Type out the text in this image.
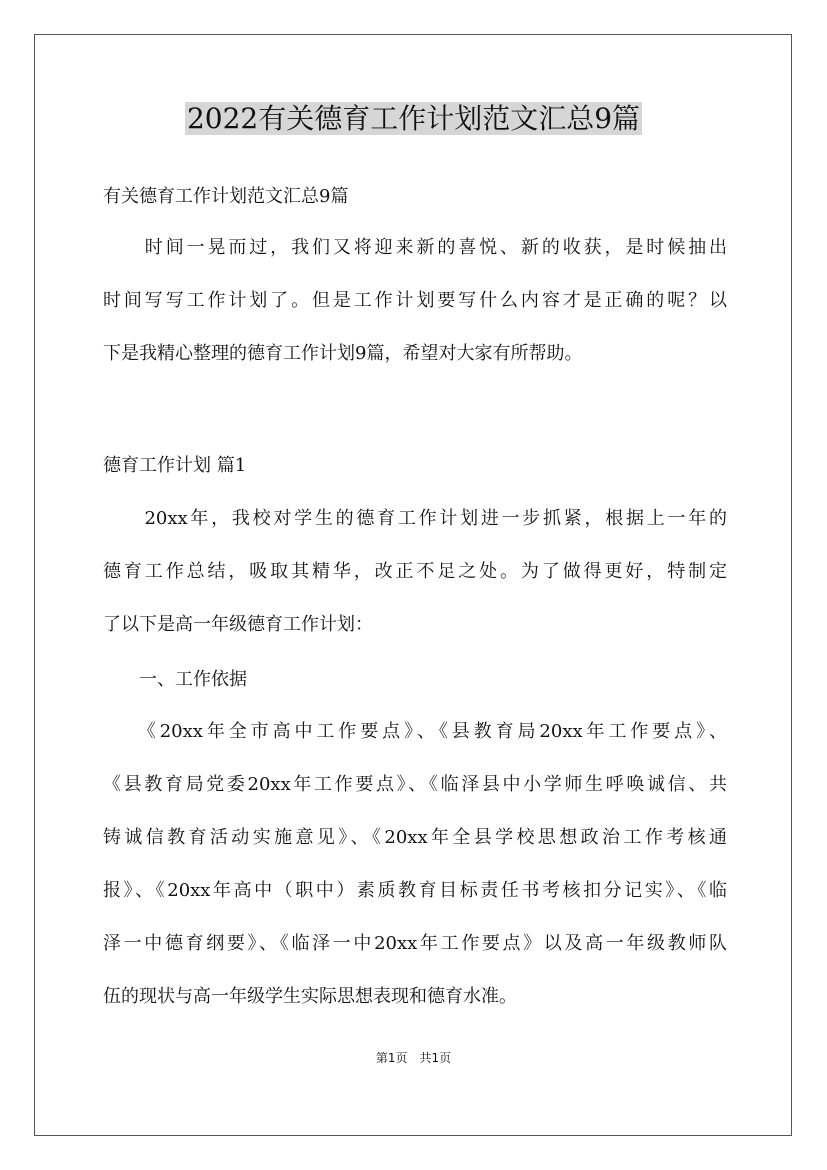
2022有关德育工作计划范文汇总9篇

有关德育工作计划范文汇总9篇

　　时间一晃而过，我们又将迎来新的喜悦、新的收获，是时候抽出
时间写写工作计划了。但是工作计划要写什么内容才是正确的呢？以
下是我精心整理的德育工作计划9篇，希望对大家有所帮助。

德育工作计划 篇1

　　20xx年，我校对学生的德育工作计划进一步抓紧，根据上一年的
德育工作总结，吸取其精华，改正不足之处。为了做得更好，特制定
了以下是高一年级德育工作计划：

　　一、工作依据

　　《20xx年全市高中工作要点》、《县教育局20xx年工作要点》、
《县教育局党委20xx年工作要点》、《临泽县中小学师生呼唤诚信、共
铸诚信教育活动实施意见》、《20xx年全县学校思想政治工作考核通
报》、《20xx年高中（职中）素质教育目标责任书考核扣分记实》、《临
泽一中德育纲要》、《临泽一中20xx年工作要点》以及高一年级教师队
伍的现状与高一年级学生实际思想表现和德育水准。
第1页　共1页
